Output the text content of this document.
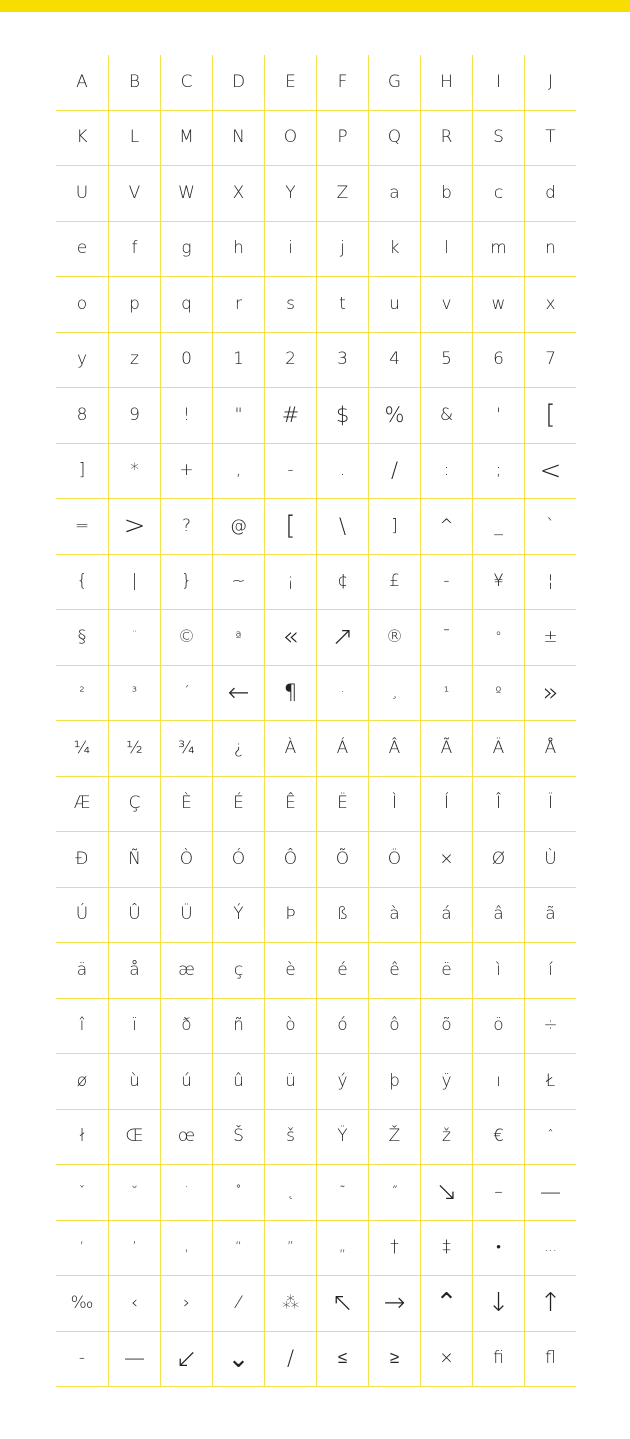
A	B	C	D	E	F	G	H	I	J
K	L	M	N	O	P	Q	R	S	T
U	V	W	X	Y	Z	a	b	c	d
e	f	g	h	i	j	k	l	m	n
o	p	q	r	s	t	u	v	w	x
y	z	0	1	2	3	4	5	6	7
8	9	!	"	#	$	%	&	'	[
]	*	+	,	-	.	/	:	;	<
=	>	?	@	[	\	]	^	_	`
{	|	}	~	¡	¢	£	-	¥	¦
§	¨	©	ª	«	↗	®	¯	°	±
²	³	´	←	¶	·	¸	¹	º	»
¼	½	¾	¿	À	Á	Â	Ã	Ä	Å
Æ	Ç	È	É	Ê	Ë	Ì	Í	Î	Ï
Ð	Ñ	Ò	Ó	Ô	Õ	Ö	×	Ø	Ù
Ú	Û	Ü	Ý	Þ	ß	à	á	â	ã
ä	å	æ	ç	è	é	ê	ë	ì	í
î	ï	ð	ñ	ò	ó	ô	õ	ö	÷
ø	ù	ú	û	ü	ý	þ	ÿ	ı	Ł
ł	Œ	œ	Š	š	Ÿ	Ž	ž	€	ˆ
ˇ	˘	˙	˚	˛	˜	˝	↘	–	—
‘	’	‚	“	”	„	†	‡	•	…
‰	‹	›	⁄	⁂	↖	→	⌃	↓	↑
-	—	↙	⌄	/	≤	≥	×	fi	fl
